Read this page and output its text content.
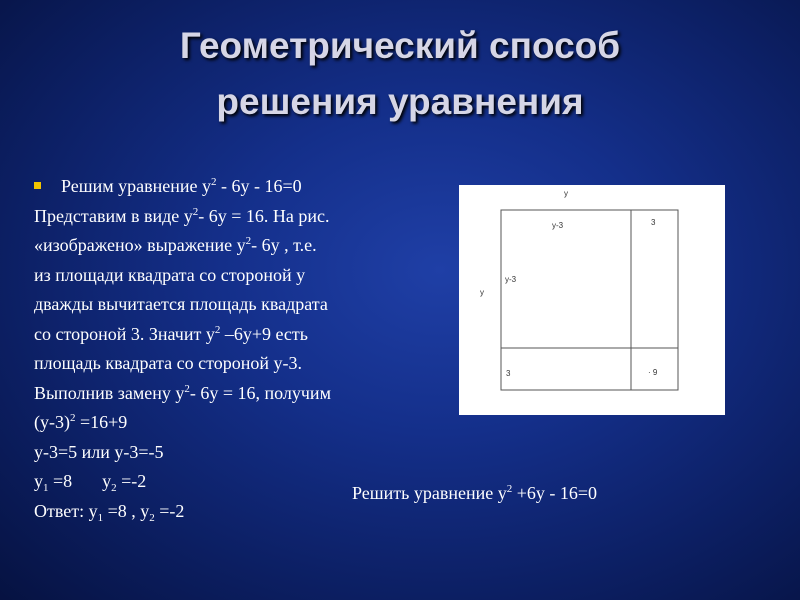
Геометрический способ
решения уравнения
Решим уравнение $y^2 - 6y - 16=0$
Представим в виде $y^2-$ 6y = 16. На рис.
«изображено» выражение $y^2-$ 6y , т.е.
из площади квадрата со стороной y
дважды вычитается площадь квадрата
со стороной 3. Значит $y^2$ –6y+9 есть
площадь квадрата со стороной y-3.
Выполнив замену $y^2-$ 6y = 16, получим
$(y-3)^2 =16+9$
y-3=5 или y-3=-5
$y_1 =8$ $y_2 =-2$
Ответ: $y_1 =8$ , $y_2 =-2$
Решить уравнение $y^2 +6y - 16=0$
y
y
y-3
y-3
3
3	· 9
